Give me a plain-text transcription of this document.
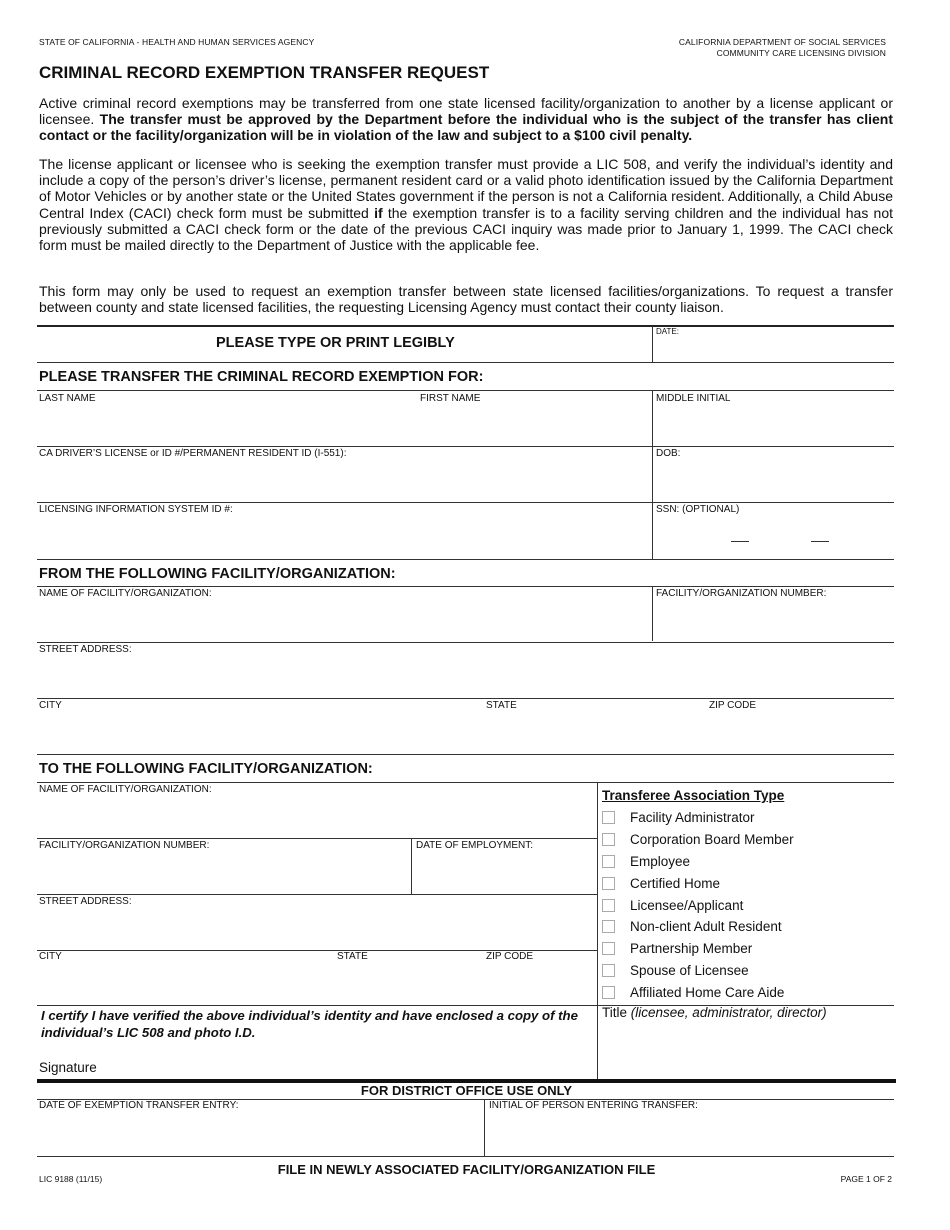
STATE OF CALIFORNIA - HEALTH AND HUMAN SERVICES AGENCY	CALIFORNIA DEPARTMENT OF SOCIAL SERVICES
COMMUNITY CARE LICENSING DIVISION
CRIMINAL RECORD EXEMPTION TRANSFER REQUEST
Active criminal record exemptions may be transferred from one state licensed facility/organization to another by a license applicant or licensee. The transfer must be approved by the Department before the individual who is the subject of the transfer has client contact or the facility/organization will be in violation of the law and subject to a $100 civil penalty.
The license applicant or licensee who is seeking the exemption transfer must provide a LIC 508, and verify the individual’s identity and include a copy of the person’s driver’s license, permanent resident card or a valid photo identification issued by the California Department of Motor Vehicles or by another state or the United States government if the person is not a California resident. Additionally, a Child Abuse Central Index (CACI) check form must be submitted if the exemption transfer is to a facility serving children and the individual has not previously submitted a CACI check form or the date of the previous CACI inquiry was made prior to January 1, 1999. The CACI check form must be mailed directly to the Department of Justice with the applicable fee.
This form may only be used to request an exemption transfer between state licensed facilities/organizations. To request a transfer between county and state licensed facilities, the requesting Licensing Agency must contact their county liaison.
PLEASE TYPE OR PRINT LEGIBLY
DATE:
PLEASE TRANSFER THE CRIMINAL RECORD EXEMPTION FOR:
LAST NAME	FIRST NAME	MIDDLE INITIAL
CA DRIVER’S LICENSE or ID #/PERMANENT RESIDENT ID (I-551):	DOB:
LICENSING INFORMATION SYSTEM ID #:	SSN: (OPTIONAL)
FROM THE FOLLOWING FACILITY/ORGANIZATION:
NAME OF FACILITY/ORGANIZATION:	FACILITY/ORGANIZATION NUMBER:
STREET ADDRESS:
CITY	STATE	ZIP CODE
TO THE FOLLOWING FACILITY/ORGANIZATION:
NAME OF FACILITY/ORGANIZATION:
FACILITY/ORGANIZATION NUMBER:	DATE OF EMPLOYMENT:
STREET ADDRESS:
CITY	STATE	ZIP CODE
Transferee Association Type
Facility Administrator
Corporation Board Member
Employee
Certified Home
Licensee/Applicant
Non-client Adult Resident
Partnership Member
Spouse of Licensee
Affiliated Home Care Aide
I certify I have verified the above individual’s identity and have enclosed a copy of the individual’s LIC 508 and photo I.D.
Signature
Title (licensee, administrator, director)
FOR DISTRICT OFFICE USE ONLY
DATE OF EXEMPTION TRANSFER ENTRY:	INITIAL OF PERSON ENTERING TRANSFER:
LIC 9188 (11/15)
FILE IN NEWLY ASSOCIATED FACILITY/ORGANIZATION FILE
PAGE 1 OF 2
